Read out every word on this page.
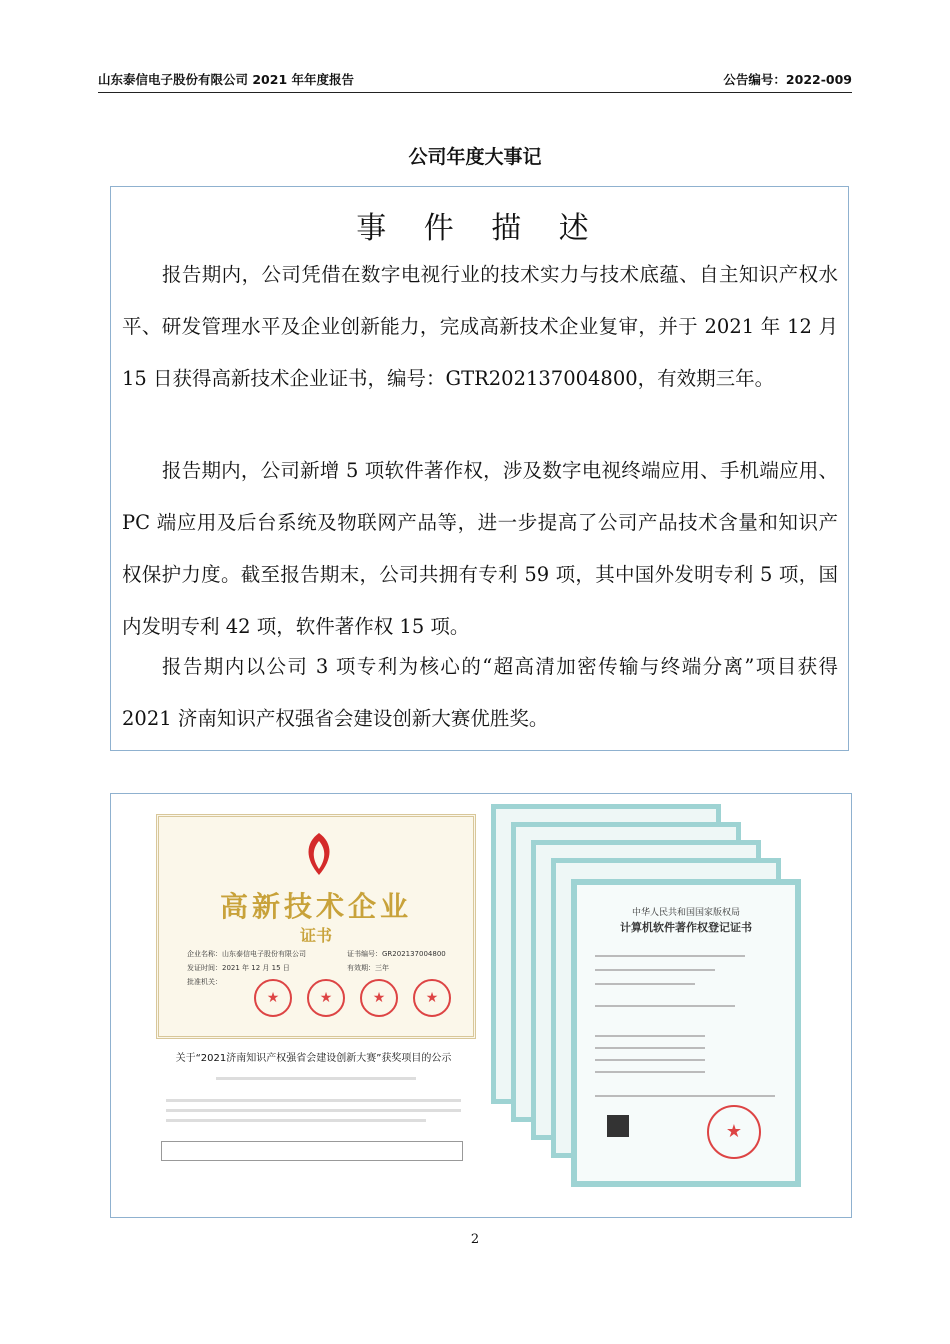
山东泰信电子股份有限公司 2021 年年度报告	公告编号：2022-009
公司年度大事记
事 件 描 述
报告期内，公司凭借在数字电视行业的技术实力与技术底蕴、自主知识产权水平、研发管理水平及企业创新能力，完成高新技术企业复审，并于 2021 年 12 月 15 日获得高新技术企业证书，编号：GTR202137004800，有效期三年。
报告期内，公司新增 5 项软件著作权，涉及数字电视终端应用、手机端应用、PC 端应用及后台系统及物联网产品等，进一步提高了公司产品技术含量和知识产权保护力度。截至报告期末，公司共拥有专利 59 项，其中国外发明专利 5 项，国内发明专利 42 项，软件著作权 15 项。
报告期内以公司 3 项专利为核心的“超高清加密传输与终端分离”项目获得 2021 济南知识产权强省会建设创新大赛优胜奖。
高新技术企业
证书
企业名称：山东泰信电子股份有限公司	证书编号：GR202137004800
发证时间：2021 年 12 月 15 日	有效期：三年
批准机关：
★	★	★	★
关于“2021济南知识产权强省会建设创新大赛”获奖项目的公示
中华人民共和国国家版权局
计算机软件著作权登记证书
★
2
